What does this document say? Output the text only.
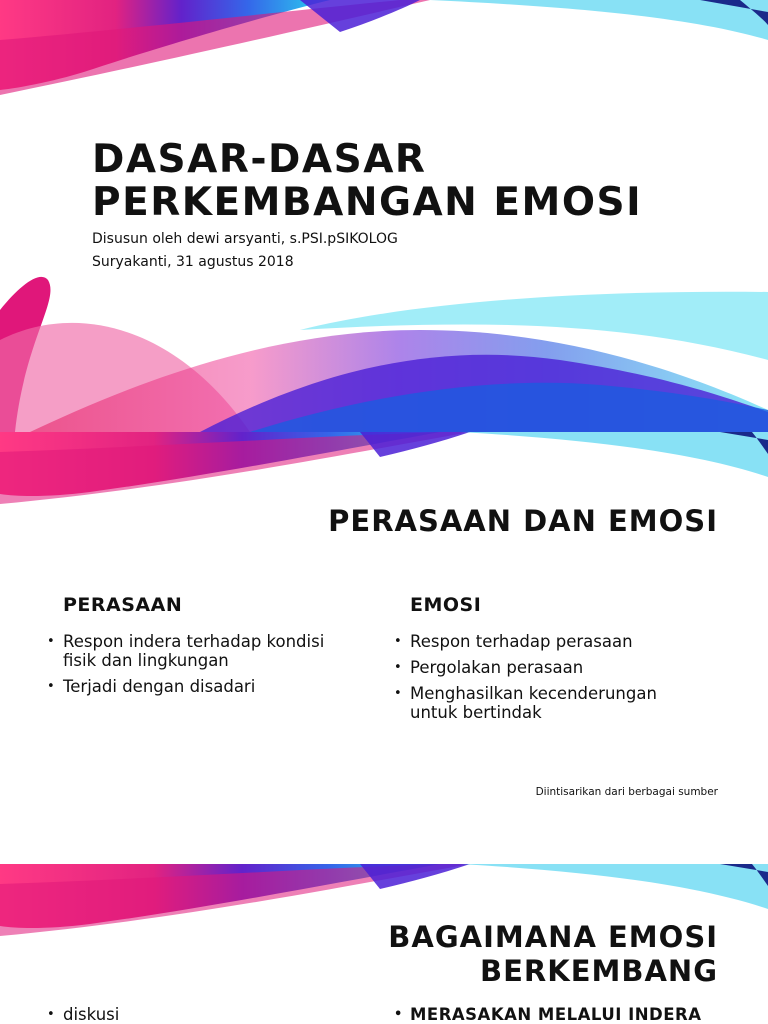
DASAR-DASAR
PERKEMBANGAN EMOSI

Disusun oleh dewi arsyanti, s.PSI.pSIKOLOG

Suryakanti, 31 agustus 2018

PERASAAN DAN EMOSI
PERASAAN
• Respon indera terhadap kondisi fisik dan lingkungan
• Terjadi dengan disadari
EMOSI
• Respon terhadap perasaan
• Pergolakan perasaan
• Menghasilkan kecenderungan untuk bertindak

Diintisarikan dari berbagai sumber

BAGAIMANA EMOSI
BERKEMBANG
• diskusi
•	MERASAKAN MELALUI INDERA
